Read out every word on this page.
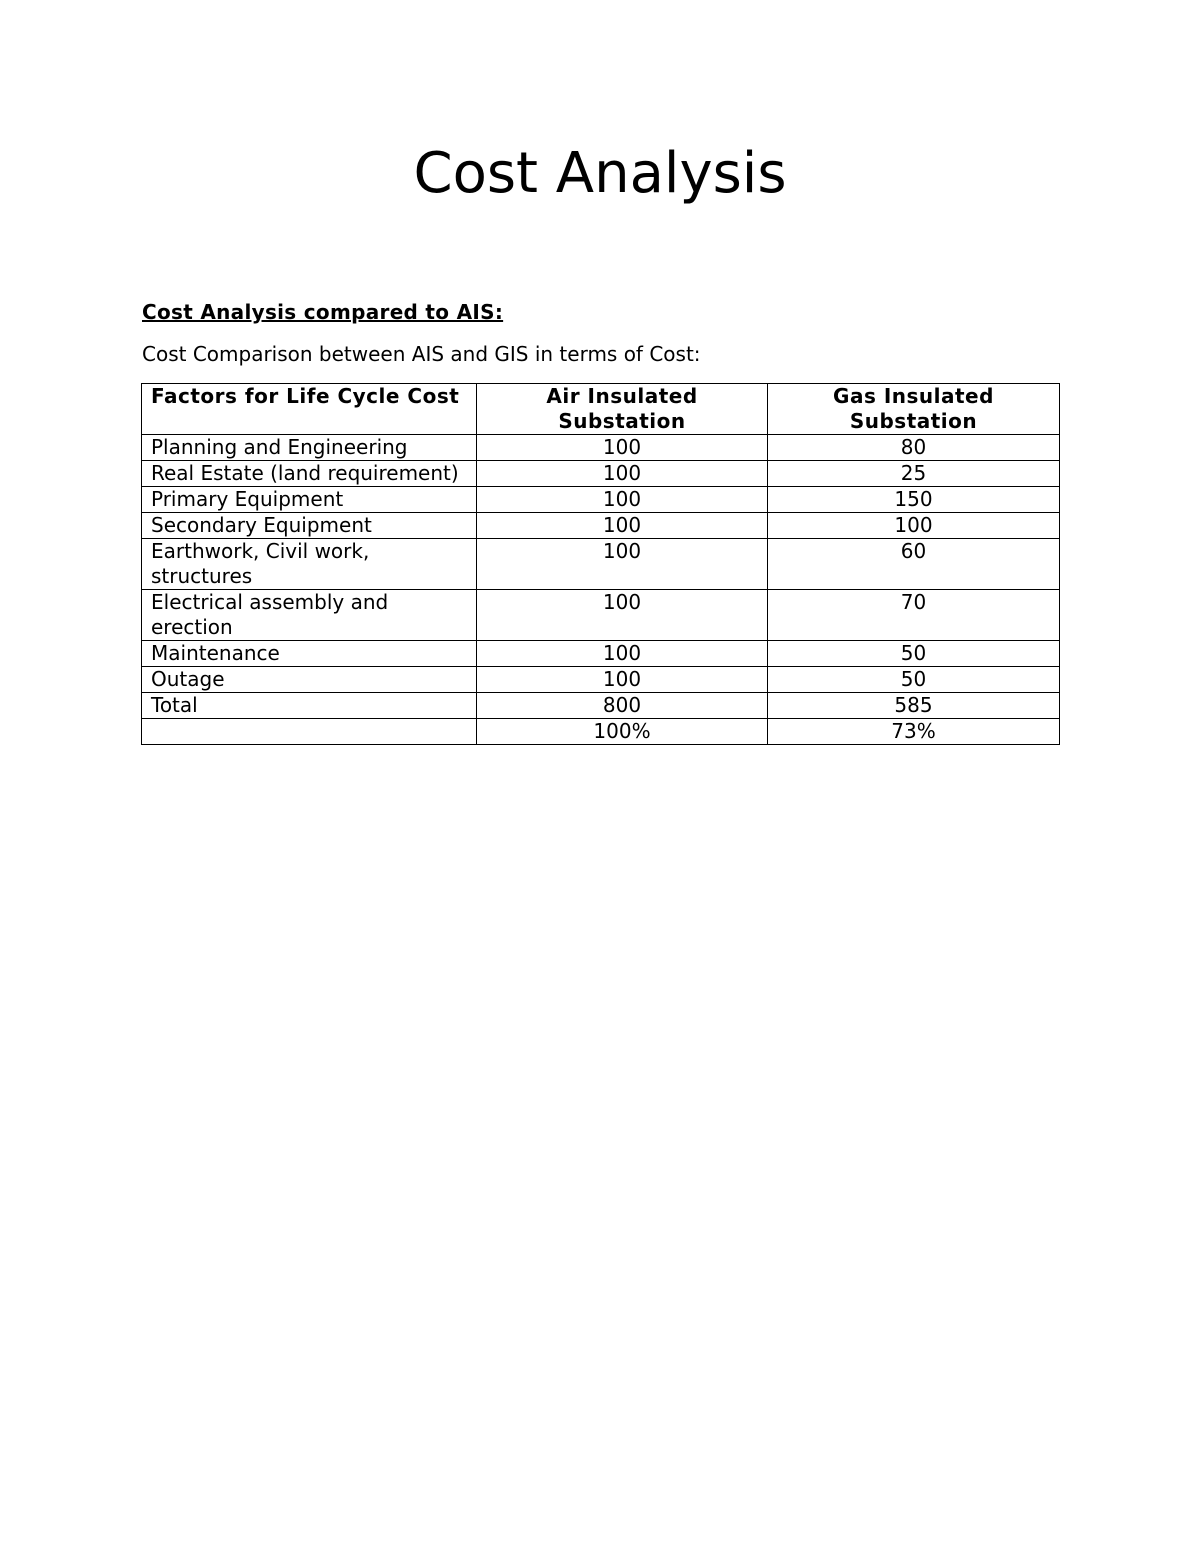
Cost Analysis
Cost Analysis compared to AIS:
Cost Comparison between AIS and GIS in terms of Cost:
Factors for Life Cycle Cost	Air Insulated Substation	Gas Insulated Substation
Planning and Engineering	100	80
Real Estate (land requirement)	100	25
Primary Equipment	100	150
Secondary Equipment	100	100
Earthwork, Civil work, structures	100	60
Electrical assembly and erection	100	70
Maintenance	100	50
Outage	100	50
Total	800	585
	100%	73%
